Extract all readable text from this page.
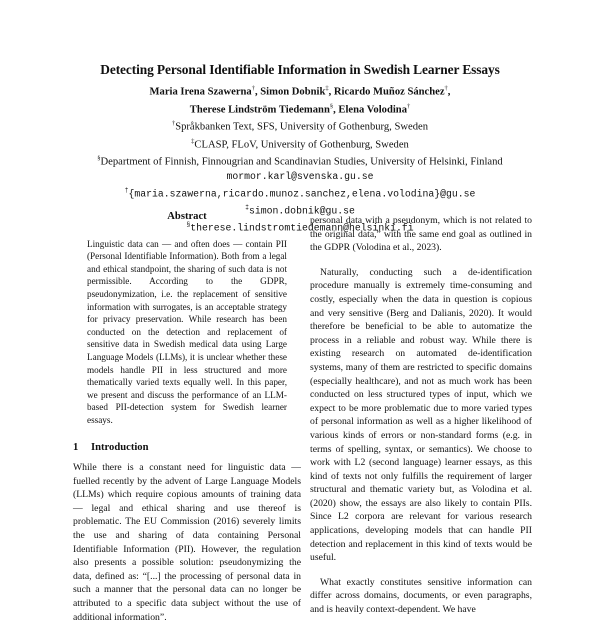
Detecting Personal Identifiable Information in Swedish Learner Essays
Maria Irena Szawerna†, Simon Dobnik‡, Ricardo Muñoz Sánchez†,
Therese Lindström Tiedemann§, Elena Volodina†
†Språkbanken Text, SFS, University of Gothenburg, Sweden
‡CLASP, FLoV, University of Gothenburg, Sweden
§Department of Finnish, Finnougrian and Scandinavian Studies, University of Helsinki, Finland
mormor.karl@svenska.gu.se
†{maria.szawerna,ricardo.munoz.sanchez,elena.volodina}@gu.se
‡simon.dobnik@gu.se
§therese.lindstromtiedemann@helsinki.fi
Abstract
Linguistic data can — and often does — contain PII (Personal Identifiable Information). Both from a legal and ethical standpoint, the sharing of such data is not permissible. According to the GDPR, pseudonymization, i.e. the replacement of sensitive information with surrogates, is an acceptable strategy for privacy preservation. While research has been conducted on the detection and replacement of sensitive data in Swedish medical data using Large Language Models (LLMs), it is unclear whether these models handle PII in less structured and more thematically varied texts equally well. In this paper, we present and discuss the performance of an LLM-based PII-detection system for Swedish learner essays.
1 Introduction

While there is a constant need for linguistic data — fuelled recently by the advent of Large Language Models (LLMs) which require copious amounts of training data — legal and ethical sharing and use thereof is problematic. The EU Commission (2016) severely limits the use and sharing of data containing Personal Identifiable Information (PII). However, the regulation also presents a possible solution: pseudonymizing the data, defined as: “[...] the processing of personal data in such a manner that the personal data can no longer be attributed to a specific data subject without the use of additional information”.

personal data with a pseudonym, which is not related to the original data,” with the same end goal as outlined in the GDPR (Volodina et al., 2023).

Naturally, conducting such a de-identification procedure manually is extremely time-consuming and costly, especially when the data in question is copious and very sensitive (Berg and Dalianis, 2020). It would therefore be beneficial to be able to automatize the process in a reliable and robust way. While there is existing research on automated de-identification systems, many of them are restricted to specific domains (especially healthcare), and not as much work has been conducted on less structured types of input, which we expect to be more problematic due to more varied types of personal information as well as a higher likelihood of various kinds of errors or non-standard forms (e.g. in terms of spelling, syntax, or semantics). We choose to work with L2 (second language) learner essays, as this kind of texts not only fulfills the requirement of larger structural and thematic variety but, as Volodina et al. (2020) show, the essays are also likely to contain PIIs. Since L2 corpora are relevant for various research applications, developing models that can handle PII detection and replacement in this kind of texts would be useful.

What exactly constitutes sensitive information can differ across domains, documents, or even paragraphs, and is heavily context-dependent. We have
